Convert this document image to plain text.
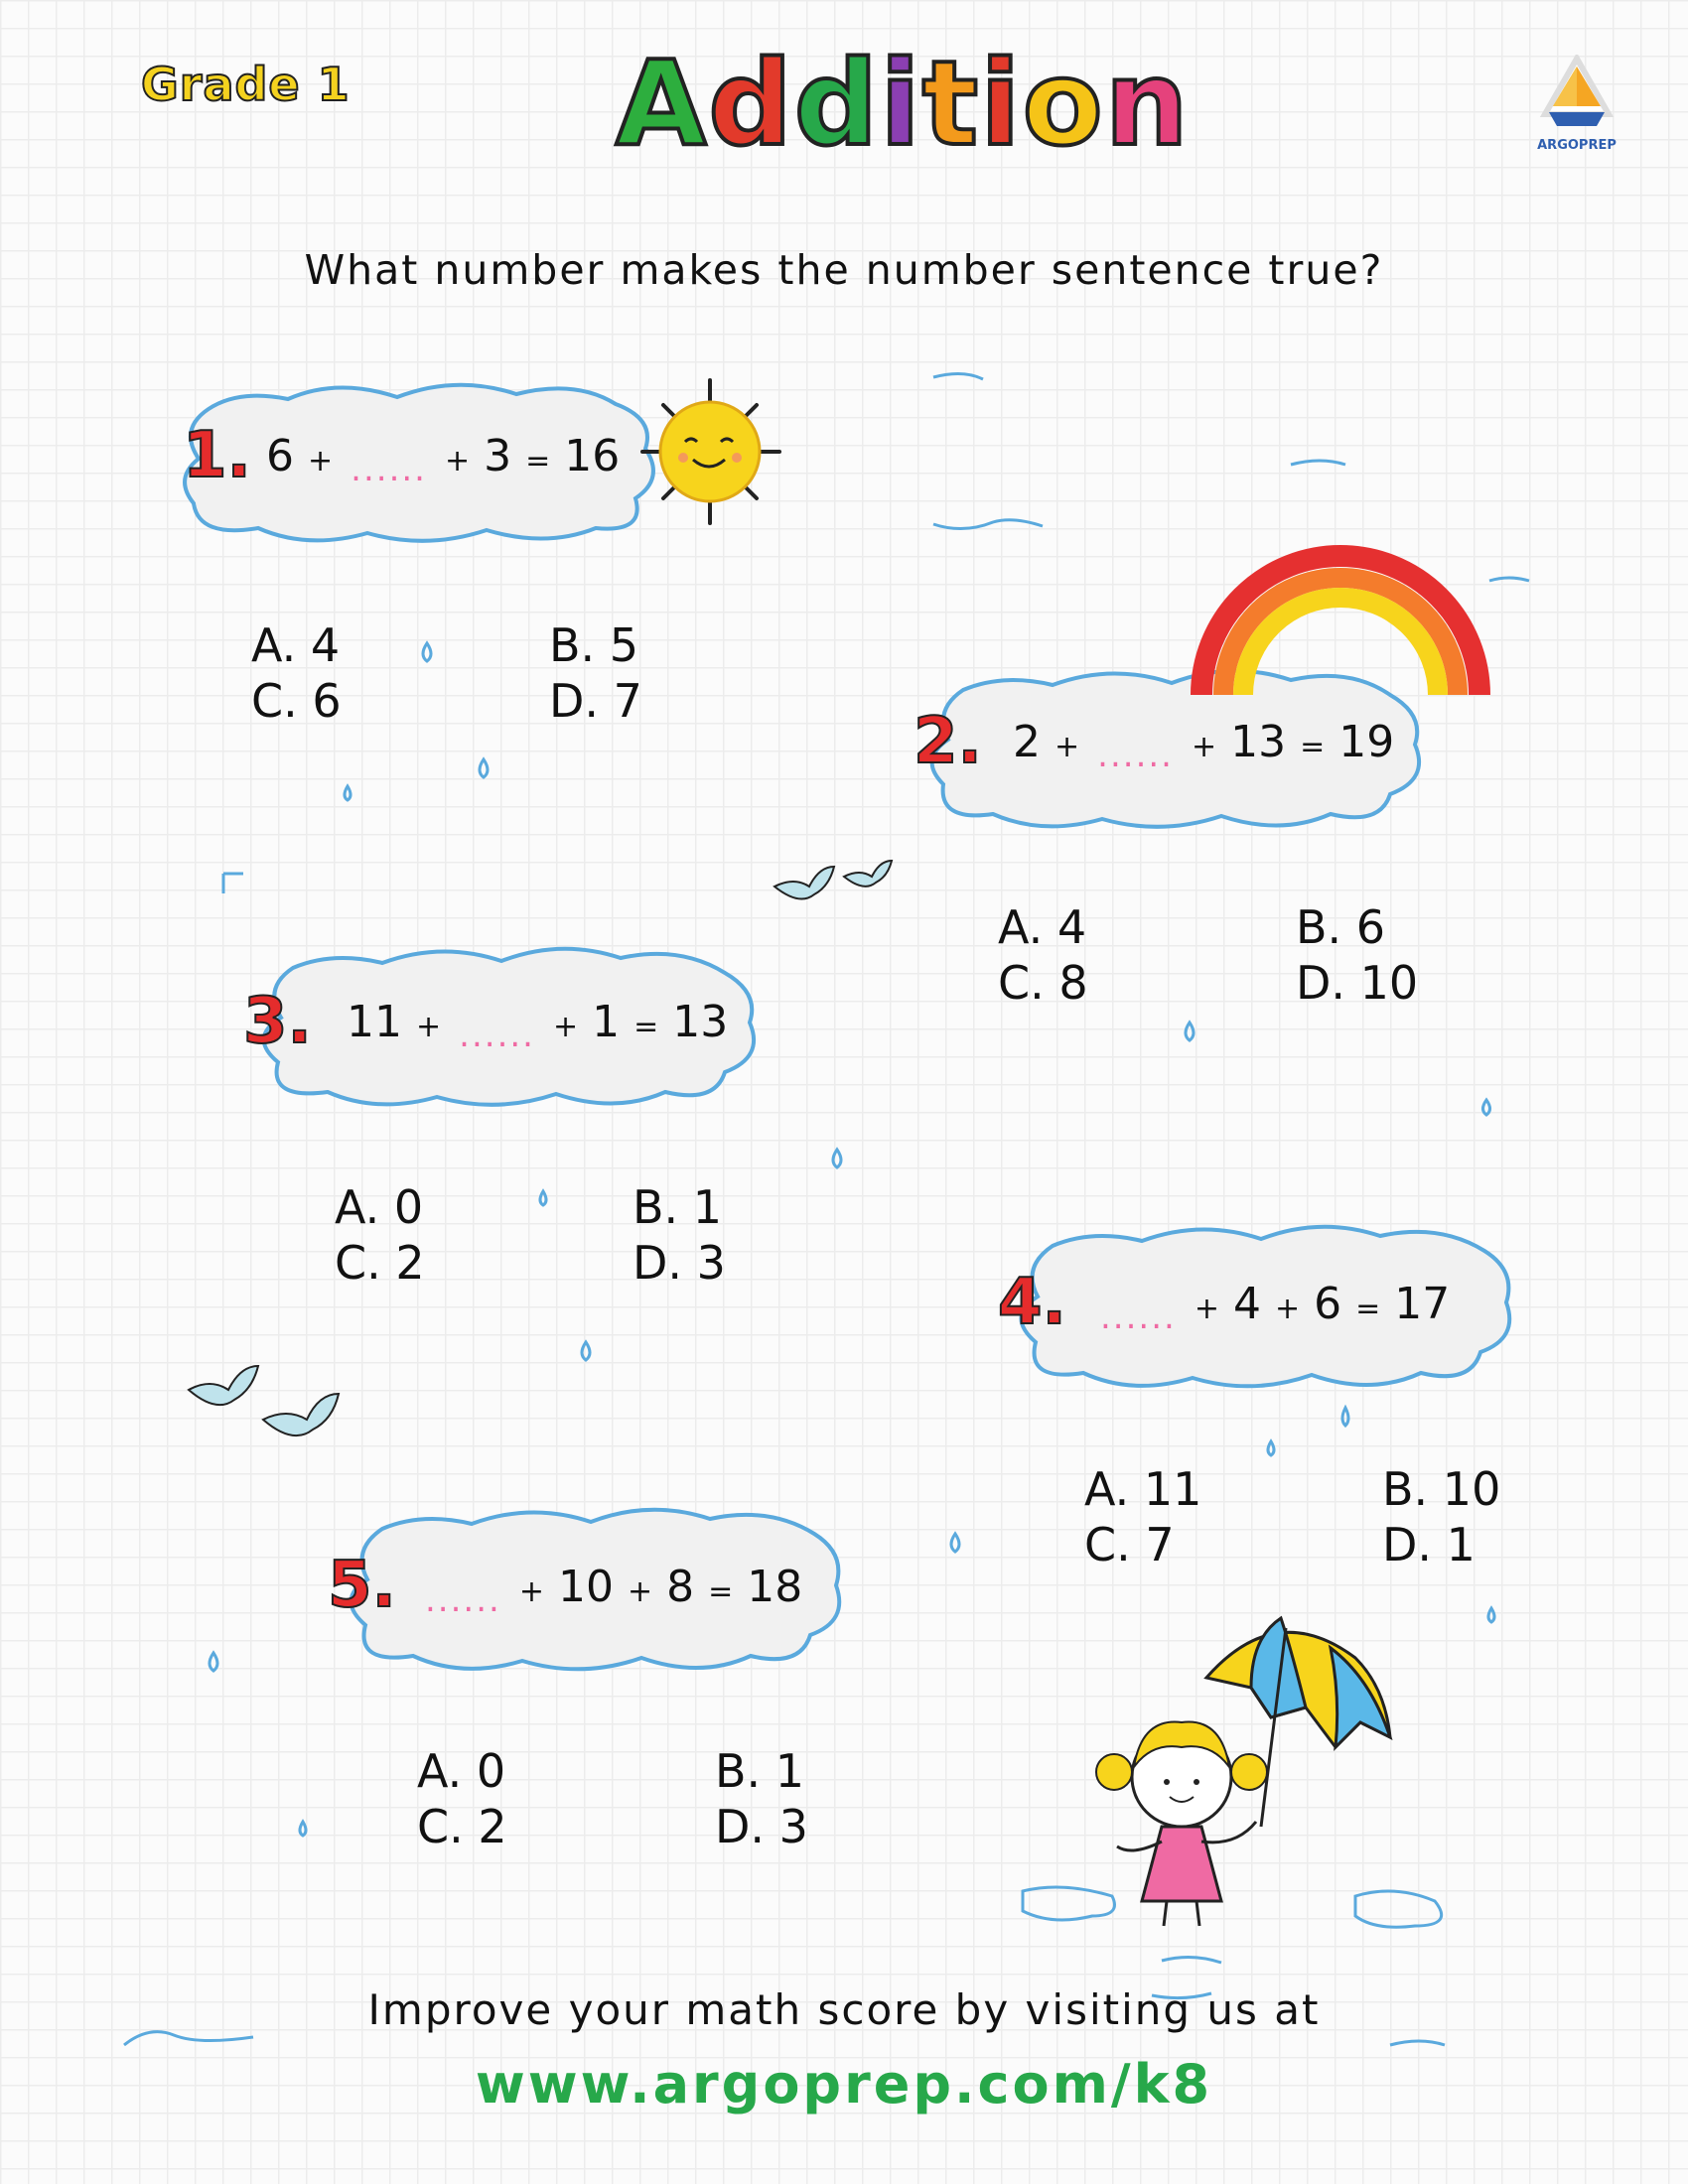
Grade 1 Addition	ARGOPREP
What number makes the number sentence true?
1. 6 + $_{......}$ + 3 = 16
A. 4	B. 5
C. 6	D. 7
2. 2 + $_{......}$ + 13 = 19
A. 4	B. 6
C. 8	D. 10
3. 11 + $_{......}$ + 1 = 13
A. 0	B. 1
C. 2	D. 3
4. $_{......}$ + 4 + 6 = 17
A. 11	B. 10
C. 7	D. 1
5. $_{......}$ + 10 + 8 = 18
A. 0	B. 1
C. 2	D. 3
Improve your math score by visiting us at
www.argoprep.com/k8
